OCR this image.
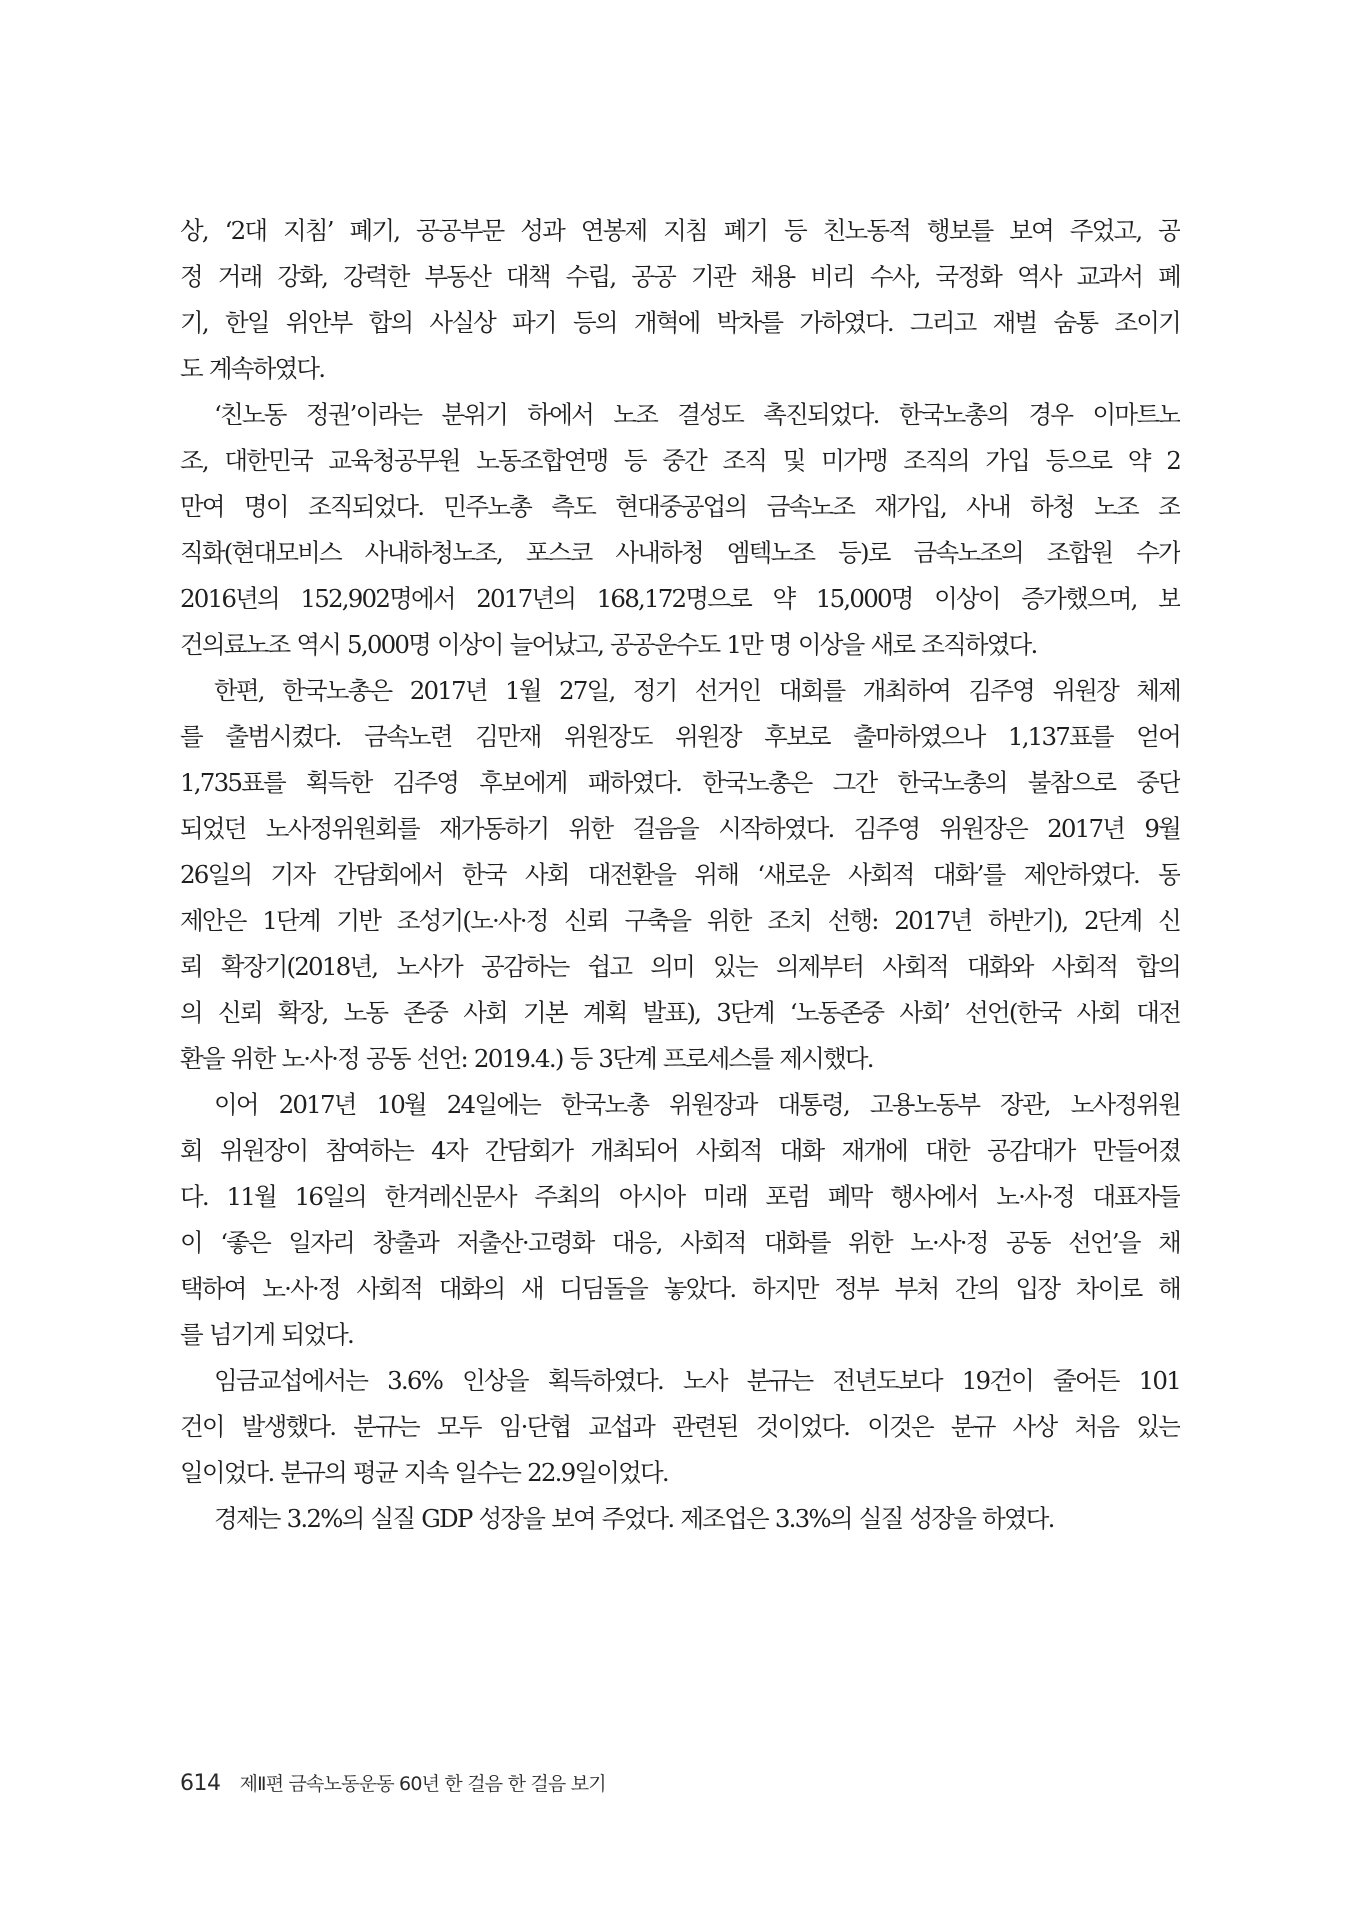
상, ‘2대 지침’ 폐기, 공공부문 성과 연봉제 지침 폐기 등 친노동적 행보를 보여 주었고, 공
정 거래 강화, 강력한 부동산 대책 수립, 공공 기관 채용 비리 수사, 국정화 역사 교과서 폐
기, 한일 위안부 합의 사실상 파기 등의 개혁에 박차를 가하였다. 그리고 재벌 숨통 조이기
도 계속하였다.
‘친노동 정권’이라는 분위기 하에서 노조 결성도 촉진되었다. 한국노총의 경우 이마트노
조, 대한민국 교육청공무원 노동조합연맹 등 중간 조직 및 미가맹 조직의 가입 등으로 약 2
만여 명이 조직되었다. 민주노총 측도 현대중공업의 금속노조 재가입, 사내 하청 노조 조
직화(현대모비스 사내하청노조, 포스코 사내하청 엠텍노조 등)로 금속노조의 조합원 수가
2016년의 152,902명에서 2017년의 168,172명으로 약 15,000명 이상이 증가했으며, 보
건의료노조 역시 5,000명 이상이 늘어났고, 공공운수도 1만 명 이상을 새로 조직하였다.
한편, 한국노총은 2017년 1월 27일, 정기 선거인 대회를 개최하여 김주영 위원장 체제
를 출범시켰다. 금속노련 김만재 위원장도 위원장 후보로 출마하였으나 1,137표를 얻어
1,735표를 획득한 김주영 후보에게 패하였다. 한국노총은 그간 한국노총의 불참으로 중단
되었던 노사정위원회를 재가동하기 위한 걸음을 시작하였다. 김주영 위원장은 2017년 9월
26일의 기자 간담회에서 한국 사회 대전환을 위해 ‘새로운 사회적 대화’를 제안하였다. 동
제안은 1단계 기반 조성기(노·사·정 신뢰 구축을 위한 조치 선행: 2017년 하반기), 2단계 신
뢰 확장기(2018년, 노사가 공감하는 쉽고 의미 있는 의제부터 사회적 대화와 사회적 합의
의 신뢰 확장, 노동 존중 사회 기본 계획 발표), 3단계 ‘노동존중 사회’ 선언(한국 사회 대전
환을 위한 노·사·정 공동 선언: 2019.4.) 등 3단계 프로세스를 제시했다.
이어 2017년 10월 24일에는 한국노총 위원장과 대통령, 고용노동부 장관, 노사정위원
회 위원장이 참여하는 4자 간담회가 개최되어 사회적 대화 재개에 대한 공감대가 만들어졌
다. 11월 16일의 한겨레신문사 주최의 아시아 미래 포럼 폐막 행사에서 노·사·정 대표자들
이 ‘좋은 일자리 창출과 저출산·고령화 대응, 사회적 대화를 위한 노·사·정 공동 선언’을 채
택하여 노·사·정 사회적 대화의 새 디딤돌을 놓았다. 하지만 정부 부처 간의 입장 차이로 해
를 넘기게 되었다.
임금교섭에서는 3.6% 인상을 획득하였다. 노사 분규는 전년도보다 19건이 줄어든 101
건이 발생했다. 분규는 모두 임·단협 교섭과 관련된 것이었다. 이것은 분규 사상 처음 있는
일이었다. 분규의 평균 지속 일수는 22.9일이었다.
경제는 3.2%의 실질 GDP 성장을 보여 주었다. 제조업은 3.3%의 실질 성장을 하였다.
614 제Ⅱ편 금속노동운동 60년 한 걸음 한 걸음 보기
